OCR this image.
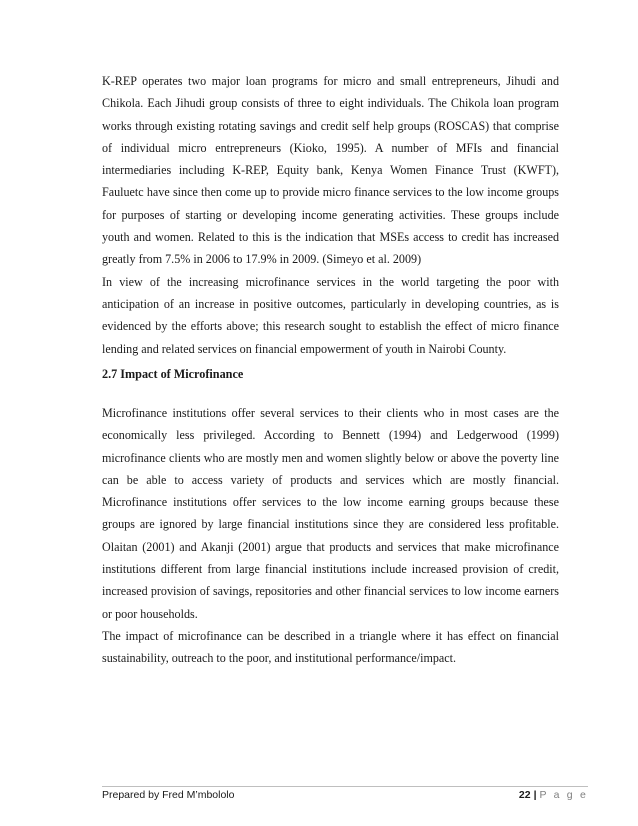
K-REP operates two major loan programs for micro and small entrepreneurs, Jihudi and Chikola. Each Jihudi group consists of three to eight individuals. The Chikola loan program works through existing rotating savings and credit self help groups (ROSCAS) that comprise of individual micro entrepreneurs (Kioko, 1995). A number of MFIs and financial intermediaries including K-REP, Equity bank, Kenya Women Finance Trust (KWFT), Fauluetc have since then come up to provide micro finance services to the low income groups for purposes of starting or developing income generating activities. These groups include youth and women. Related to this is the indication that MSEs access to credit has increased greatly from 7.5% in 2006 to 17.9% in 2009. (Simeyo et al. 2009)

In view of the increasing microfinance services in the world targeting the poor with anticipation of an increase in positive outcomes, particularly in developing countries, as is evidenced by the efforts above; this research sought to establish the effect of micro finance lending and related services on financial empowerment of youth in Nairobi County.

2.7 Impact of Microfinance

Microfinance institutions offer several services to their clients who in most cases are the economically less privileged. According to Bennett (1994) and Ledgerwood (1999) microfinance clients who are mostly men and women slightly below or above the poverty line can be able to access variety of products and services which are mostly financial. Microfinance institutions offer services to the low income earning groups because these groups are ignored by large financial institutions since they are considered less profitable. Olaitan (2001) and Akanji (2001) argue that products and services that make microfinance institutions different from large financial institutions include increased provision of credit, increased provision of savings, repositories and other financial services to low income earners or poor households.

The impact of microfinance can be described in a triangle where it has effect on financial sustainability, outreach to the poor, and institutional performance/impact.

Prepared by Fred M’mbololo	22 | P a g e
